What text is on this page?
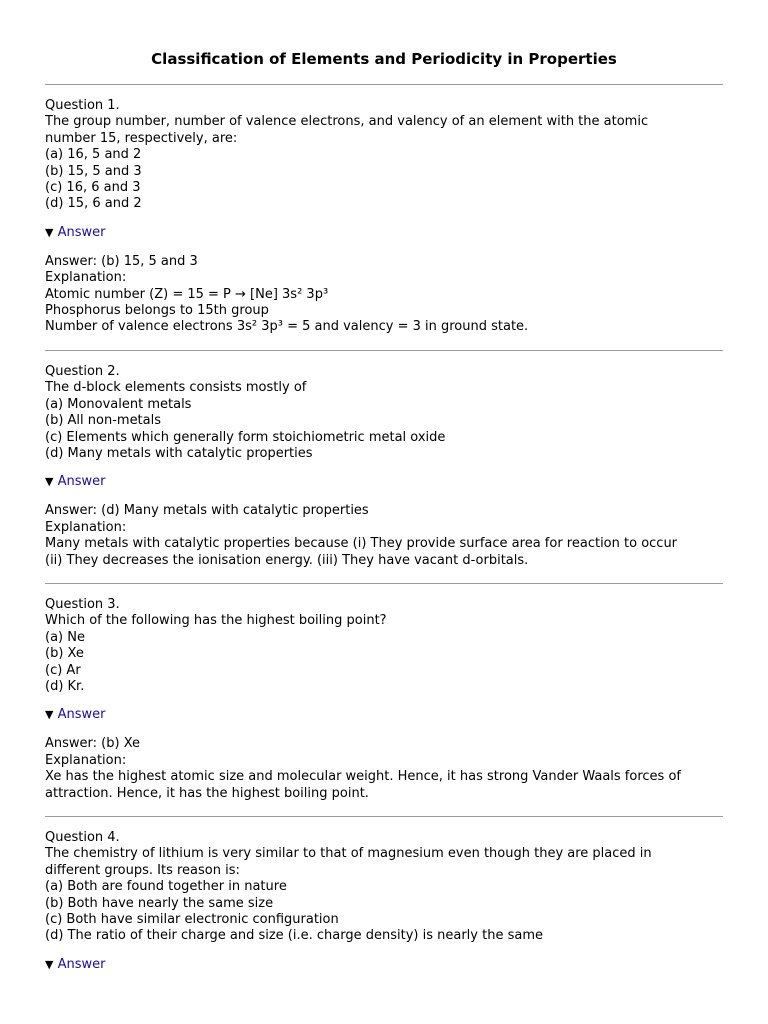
Classification of Elements and Periodicity in Properties
Question 1.
The group number, number of valence electrons, and valency of an element with the atomic
number 15, respectively, are:
(a) 16, 5 and 2
(b) 15, 5 and 3
(c) 16, 6 and 3
(d) 15, 6 and 2
▼ Answer
Answer: (b) 15, 5 and 3
Explanation:
Atomic number (Z) = 15 = P → [Ne] 3s² 3p³
Phosphorus belongs to 15th group
Number of valence electrons 3s² 3p³ = 5 and valency = 3 in ground state.
Question 2.
The d-block elements consists mostly of
(a) Monovalent metals
(b) All non-metals
(c) Elements which generally form stoichiometric metal oxide
(d) Many metals with catalytic properties
▼ Answer
Answer: (d) Many metals with catalytic properties
Explanation:
Many metals with catalytic properties because (i) They provide surface area for reaction to occur
(ii) They decreases the ionisation energy. (iii) They have vacant d-orbitals.
Question 3.
Which of the following has the highest boiling point?
(a) Ne
(b) Xe
(c) Ar
(d) Kr.
▼ Answer
Answer: (b) Xe
Explanation:
Xe has the highest atomic size and molecular weight. Hence, it has strong Vander Waals forces of
attraction. Hence, it has the highest boiling point.
Question 4.
The chemistry of lithium is very similar to that of magnesium even though they are placed in
different groups. Its reason is:
(a) Both are found together in nature
(b) Both have nearly the same size
(c) Both have similar electronic configuration
(d) The ratio of their charge and size (i.e. charge density) is nearly the same
▼ Answer
